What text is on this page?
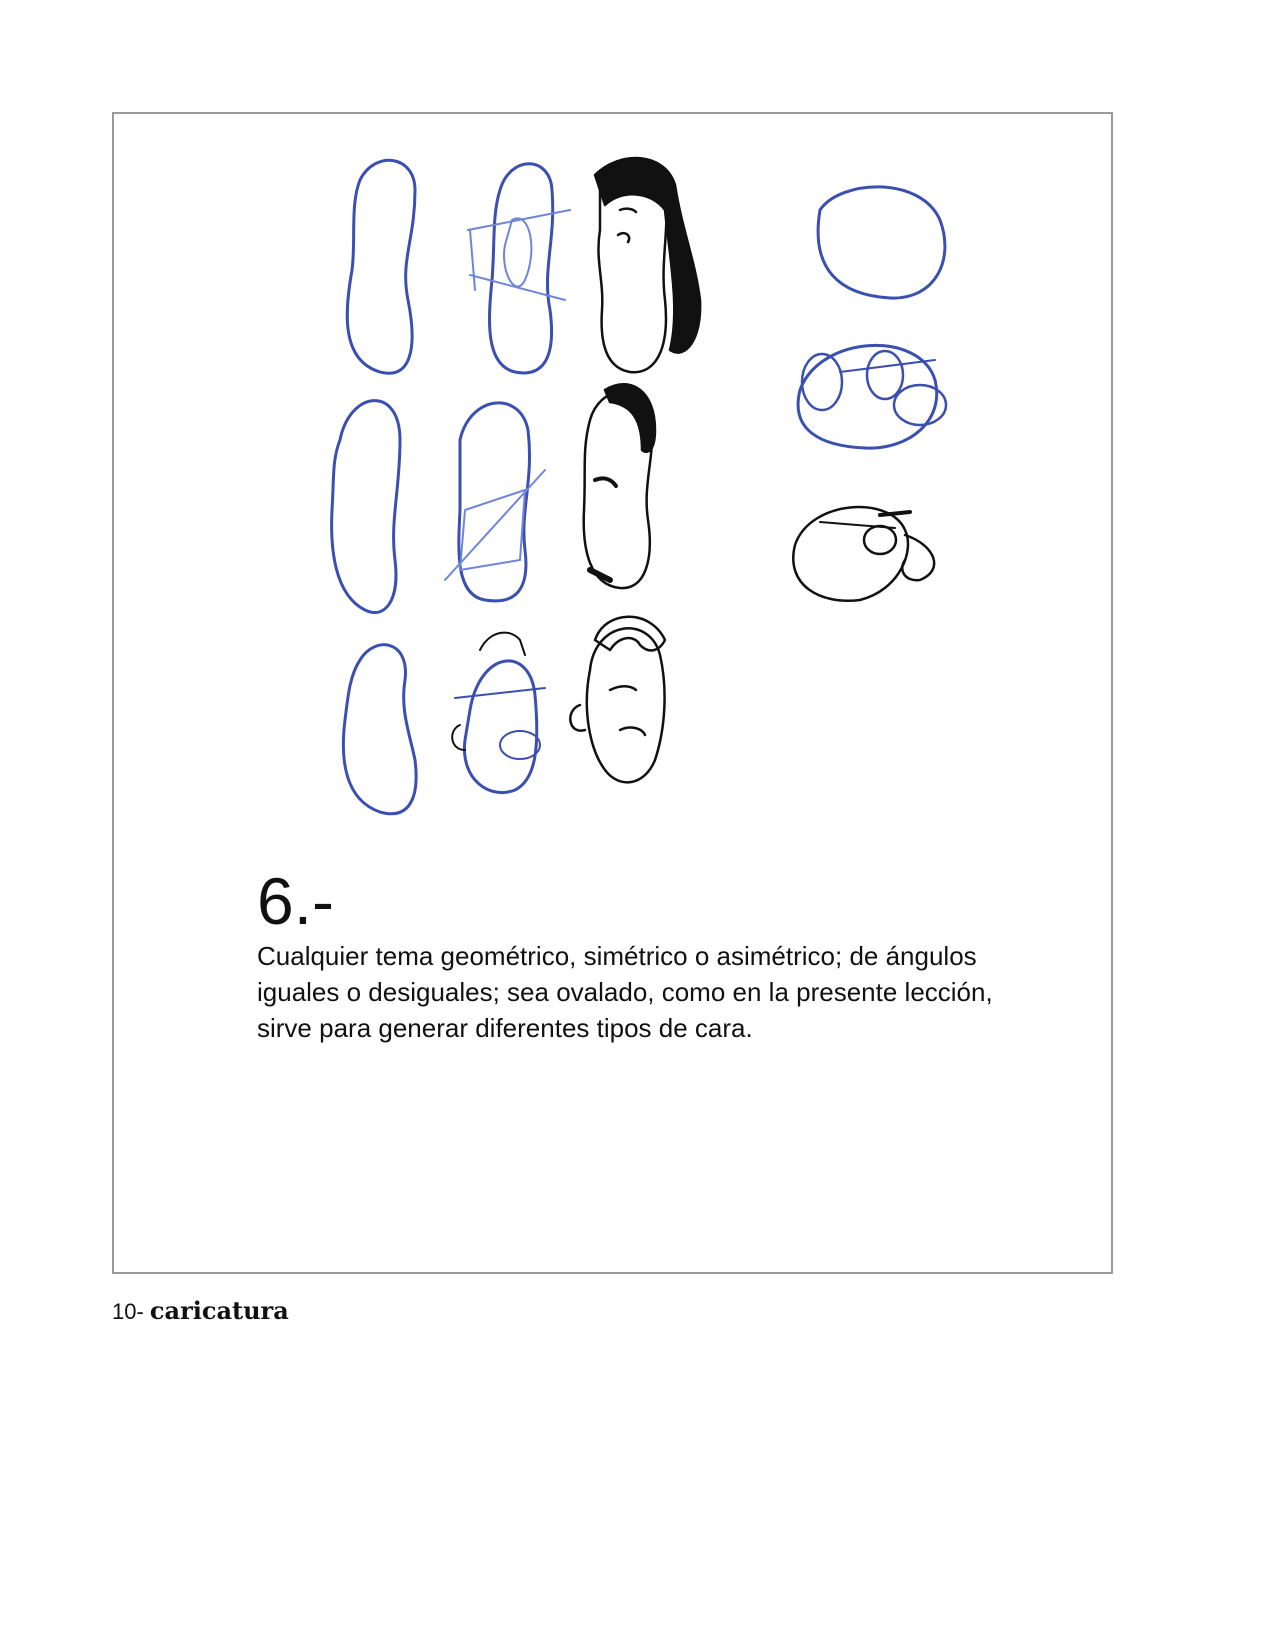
6.-

Cualquier tema geométrico, simétrico o asimétrico; de ángulos iguales o desiguales; sea ovalado, como en la presente lección, sirve para generar diferentes tipos de cara.

10- caricatura
